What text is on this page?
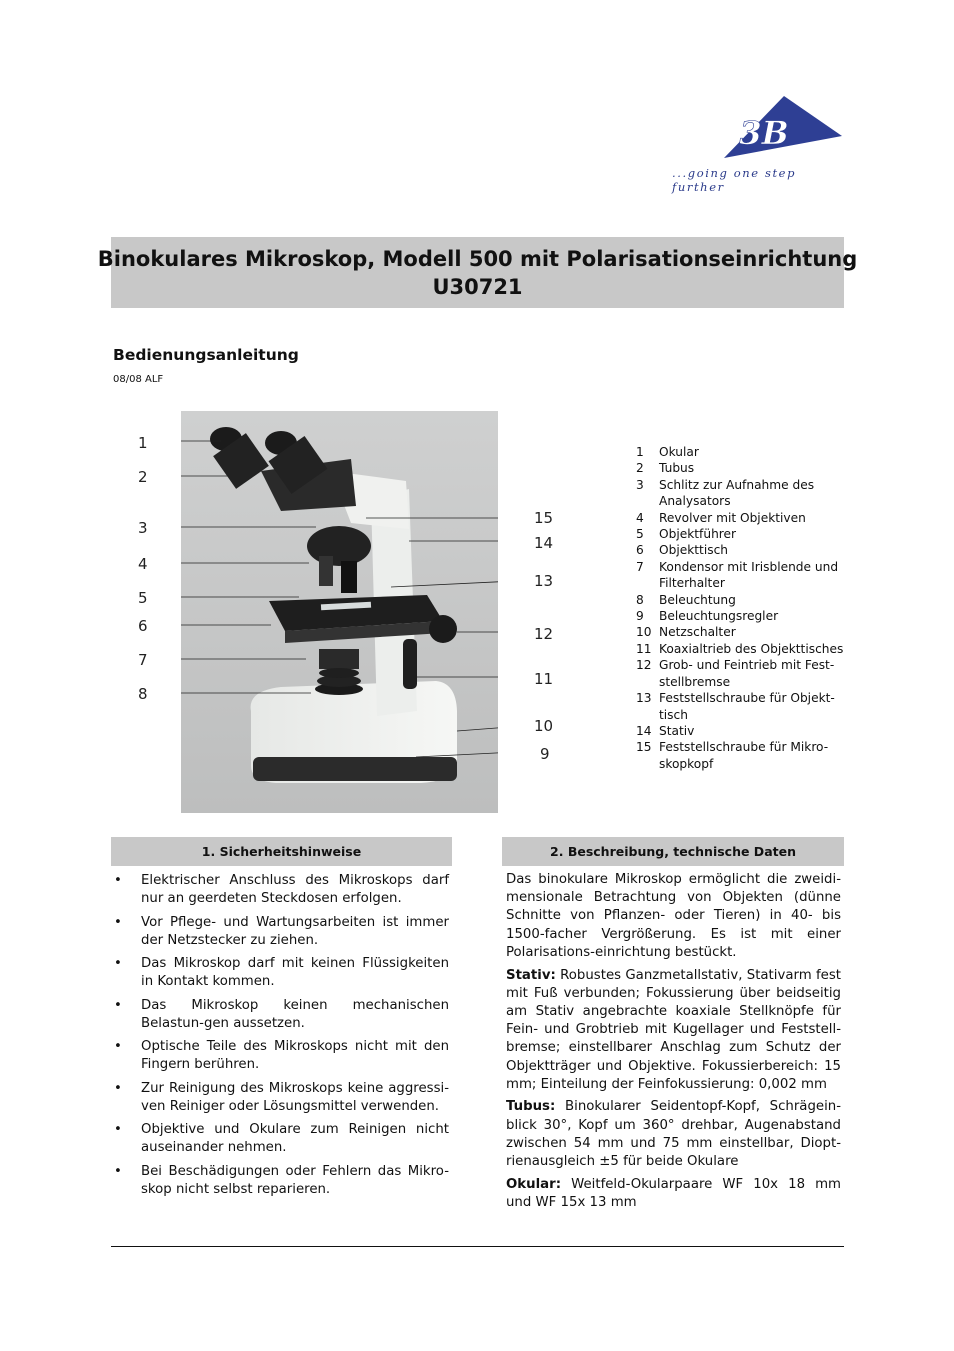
3B	®
...going one step further
Binokulares Mikroskop, Modell 500 mit Polarisationseinrichtung
U30721
Bedienungsanleitung
08/08 ALF
1
2
3
4
5
6
7
8
15
14
13
12
11
10
9
1	Okular
2	Tubus
3	Schlitz zur Aufnahme des Analysators
4	Revolver mit Objektiven
5	Objektführer
6	Objekttisch
7	Kondensor mit Irisblende und Filterhalter
8	Beleuchtung
9	Beleuchtungsregler
10 Netzschalter
11 Koaxialtrieb des Objekttisches
12 Grob- und Feintrieb mit Fest-stellbremse
13 Feststellschraube für Objekt-tisch
14 Stativ
15 Feststellschraube für Mikro-skopkopf
1. Sicherheitshinweise
• Elektrischer Anschluss des Mikroskops darf nur an geerdeten Steckdosen erfolgen.
• Vor Pflege- und Wartungsarbeiten ist immer der Netzstecker zu ziehen.
• Das Mikroskop darf mit keinen Flüssigkeiten in Kontakt kommen.
• Das Mikroskop keinen mechanischen Belastun-gen aussetzen.
• Optische Teile des Mikroskops nicht mit den Fingern berühren.
• Zur Reinigung des Mikroskops keine aggressi-ven Reiniger oder Lösungsmittel verwenden.
• Objektive und Okulare zum Reinigen nicht auseinander nehmen.
• Bei Beschädigungen oder Fehlern das Mikro-skop nicht selbst reparieren.
2. Beschreibung, technische Daten

Das binokulare Mikroskop ermöglicht die zweidi-mensionale Betrachtung von Objekten (dünne Schnitte von Pflanzen- oder Tieren) in 40- bis 1500-facher Vergrößerung. Es ist mit einer Polarisations-einrichtung bestückt.

Stativ: Robustes Ganzmetallstativ, Stativarm fest mit Fuß verbunden; Fokussierung über beidseitig am Stativ angebrachte koaxiale Stellknöpfe für Fein- und Grobtrieb mit Kugellager und Feststell-bremse; einstellbarer Anschlag zum Schutz der Objektträger und Objektive. Fokussierbereich: 15 mm; Einteilung der Feinfokussierung: 0,002 mm

Tubus: Binokularer Seidentopf-Kopf, Schrägein-blick 30°, Kopf um 360° drehbar, Augenabstand zwischen 54 mm und 75 mm einstellbar, Diopt-rienausgleich ±5 für beide Okulare

Okular: Weitfeld-Okularpaare WF 10x 18 mm und WF 15x 13 mm
